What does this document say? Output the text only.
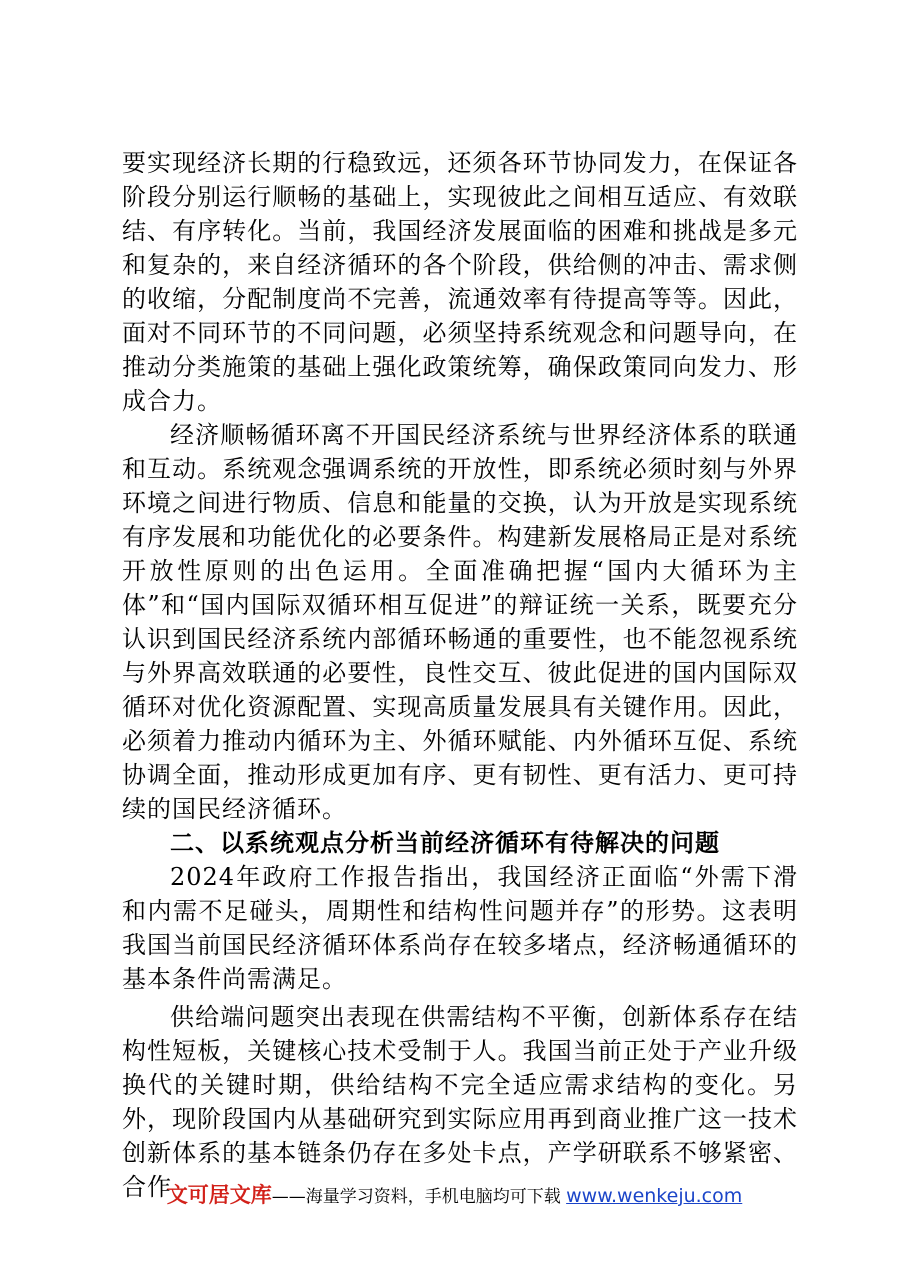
要实现经济长期的行稳致远，还须各环节协同发力，在保证各阶段分别运行顺畅的基础上，实现彼此之间相互适应、有效联结、有序转化。当前，我国经济发展面临的困难和挑战是多元和复杂的，来自经济循环的各个阶段，供给侧的冲击、需求侧的收缩，分配制度尚不完善，流通效率有待提高等等。因此，面对不同环节的不同问题，必须坚持系统观念和问题导向，在推动分类施策的基础上强化政策统筹，确保政策同向发力、形成合力。

经济顺畅循环离不开国民经济系统与世界经济体系的联通和互动。系统观念强调系统的开放性，即系统必须时刻与外界环境之间进行物质、信息和能量的交换，认为开放是实现系统有序发展和功能优化的必要条件。构建新发展格局正是对系统开放性原则的出色运用。全面准确把握“国内大循环为主体”和“国内国际双循环相互促进”的辩证统一关系，既要充分认识到国民经济系统内部循环畅通的重要性，也不能忽视系统与外界高效联通的必要性，良性交互、彼此促进的国内国际双循环对优化资源配置、实现高质量发展具有关键作用。因此，必须着力推动内循环为主、外循环赋能、内外循环互促、系统协调全面，推动形成更加有序、更有韧性、更有活力、更可持续的国民经济循环。

二、以系统观点分析当前经济循环有待解决的问题

2024年政府工作报告指出，我国经济正面临“外需下滑和内需不足碰头，周期性和结构性问题并存”的形势。这表明我国当前国民经济循环体系尚存在较多堵点，经济畅通循环的基本条件尚需满足。

供给端问题突出表现在供需结构不平衡，创新体系存在结构性短板，关键核心技术受制于人。我国当前正处于产业升级换代的关键时期，供给结构不完全适应需求结构的变化。另外，现阶段国内从基础研究到实际应用再到商业推广这一技术创新体系的基本链条仍存在多处卡点，产学研联系不够紧密、合作

文可居文库——海量学习资料，手机电脑均可下载 www.wenkeju.com
